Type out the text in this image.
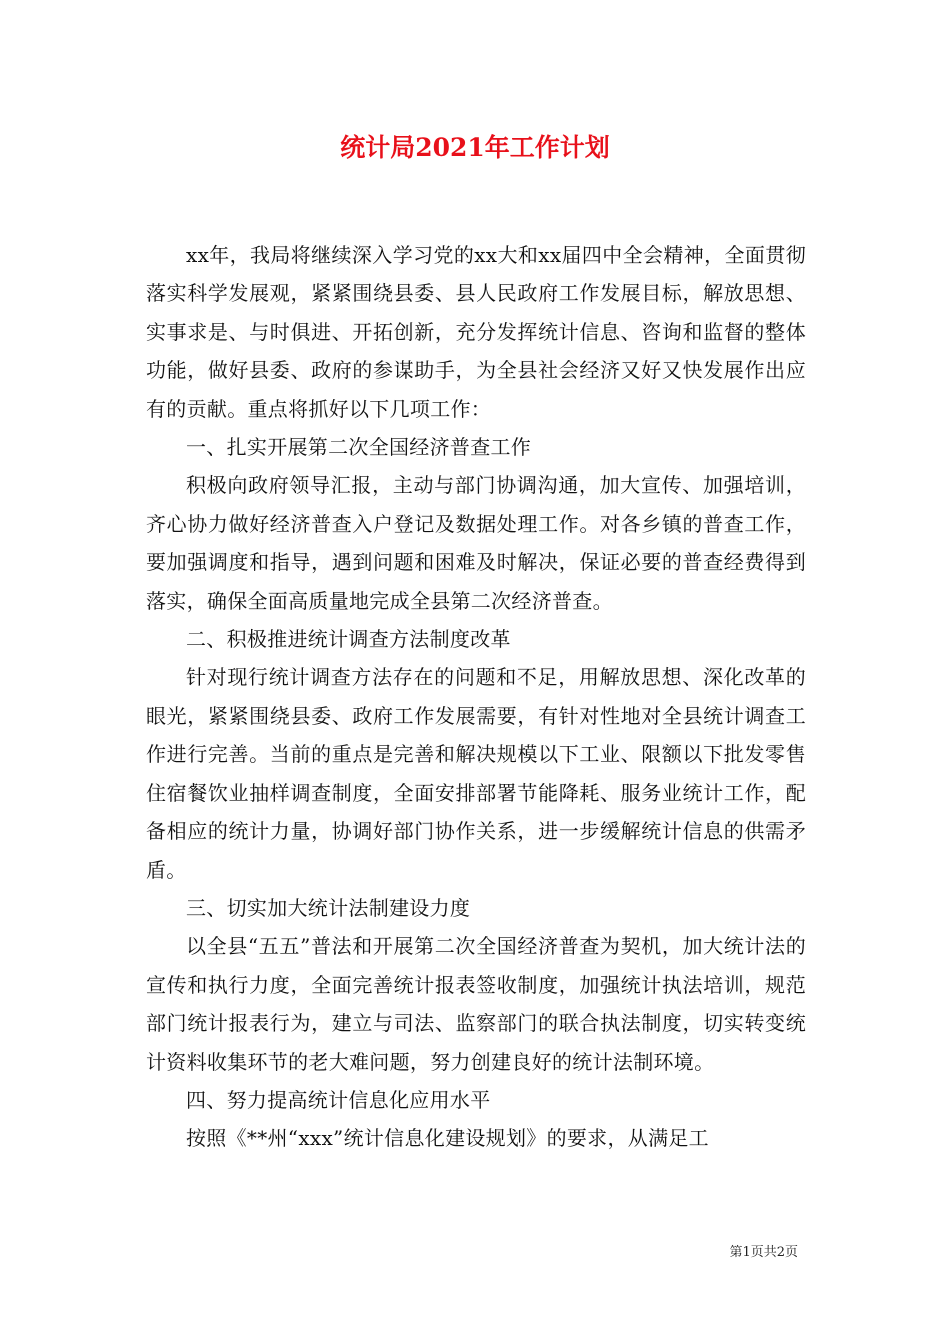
统计局2021年工作计划

xx年，我局将继续深入学习党的xx大和xx届四中全会精神，全面贯彻落实科学发展观，紧紧围绕县委、县人民政府工作发展目标，解放思想、实事求是、与时俱进、开拓创新，充分发挥统计信息、咨询和监督的整体功能，做好县委、政府的参谋助手，为全县社会经济又好又快发展作出应有的贡献。重点将抓好以下几项工作：

一、扎实开展第二次全国经济普查工作

积极向政府领导汇报，主动与部门协调沟通，加大宣传、加强培训，齐心协力做好经济普查入户登记及数据处理工作。对各乡镇的普查工作，要加强调度和指导，遇到问题和困难及时解决，保证必要的普查经费得到落实，确保全面高质量地完成全县第二次经济普查。

二、积极推进统计调查方法制度改革

针对现行统计调查方法存在的问题和不足，用解放思想、深化改革的眼光，紧紧围绕县委、政府工作发展需要，有针对性地对全县统计调查工作进行完善。当前的重点是完善和解决规模以下工业、限额以下批发零售住宿餐饮业抽样调查制度，全面安排部署节能降耗、服务业统计工作，配备相应的统计力量，协调好部门协作关系，进一步缓解统计信息的供需矛盾。

三、切实加大统计法制建设力度

以全县“五五”普法和开展第二次全国经济普查为契机，加大统计法的宣传和执行力度，全面完善统计报表签收制度，加强统计执法培训，规范部门统计报表行为，建立与司法、监察部门的联合执法制度，切实转变统计资料收集环节的老大难问题，努力创建良好的统计法制环境。

四、努力提高统计信息化应用水平

按照《**州“xxx”统计信息化建设规划》的要求，从满足工

第1页共2页
